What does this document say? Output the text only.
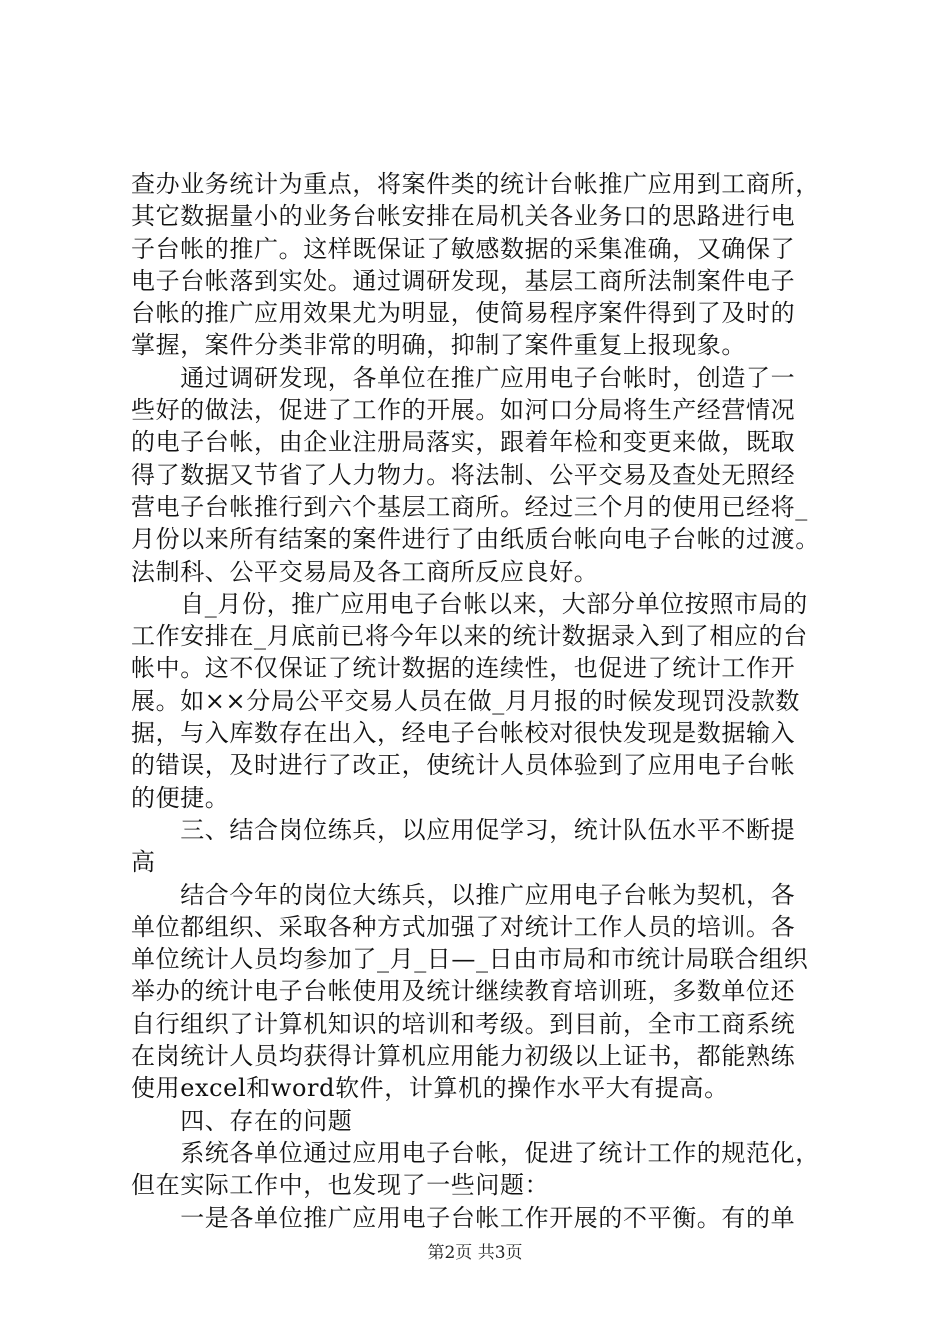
查办业务统计为重点，将案件类的统计台帐推广应用到工商所，
其它数据量小的业务台帐安排在局机关各业务口的思路进行电
子台帐的推广。这样既保证了敏感数据的采集准确，又确保了
电子台帐落到实处。通过调研发现，基层工商所法制案件电子
台帐的推广应用效果尤为明显，使简易程序案件得到了及时的
掌握，案件分类非常的明确，抑制了案件重复上报现象。
　　通过调研发现，各单位在推广应用电子台帐时，创造了一
些好的做法，促进了工作的开展。如河口分局将生产经营情况
的电子台帐，由企业注册局落实，跟着年检和变更来做，既取
得了数据又节省了人力物力。将法制、公平交易及查处无照经
营电子台帐推行到六个基层工商所。经过三个月的使用已经将_
月份以来所有结案的案件进行了由纸质台帐向电子台帐的过渡。
法制科、公平交易局及各工商所反应良好。
　　自_月份，推广应用电子台帐以来，大部分单位按照市局的
工作安排在_月底前已将今年以来的统计数据录入到了相应的台
帐中。这不仅保证了统计数据的连续性，也促进了统计工作开
展。如××分局公平交易人员在做_月月报的时候发现罚没款数
据，与入库数存在出入，经电子台帐校对很快发现是数据输入
的错误，及时进行了改正，使统计人员体验到了应用电子台帐
的便捷。
　　三、结合岗位练兵，以应用促学习，统计队伍水平不断提
高
　　结合今年的岗位大练兵，以推广应用电子台帐为契机，各
单位都组织、采取各种方式加强了对统计工作人员的培训。各
单位统计人员均参加了_月_日—_日由市局和市统计局联合组织
举办的统计电子台帐使用及统计继续教育培训班，多数单位还
自行组织了计算机知识的培训和考级。到目前，全市工商系统
在岗统计人员均获得计算机应用能力初级以上证书，都能熟练
使用excel和word软件，计算机的操作水平大有提高。
　　四、存在的问题
　　系统各单位通过应用电子台帐，促进了统计工作的规范化，
但在实际工作中，也发现了一些问题：
　　一是各单位推广应用电子台帐工作开展的不平衡。有的单
第2页 共3页
